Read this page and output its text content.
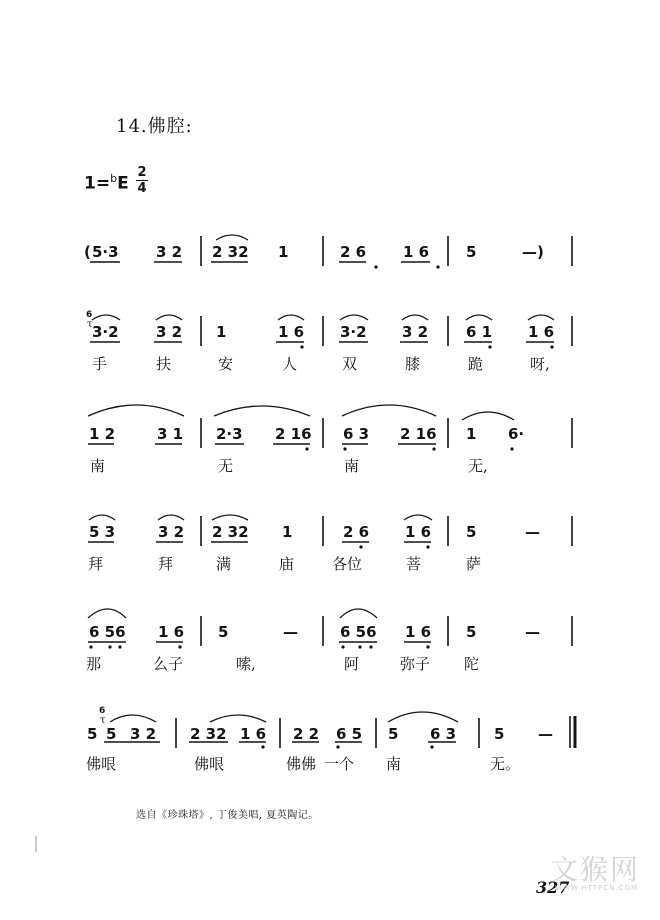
14.佛腔:
1=$^b$E
2
4
( 5·3 3 2 2 32 1	2 6 1 6 5	—)
3·2 3 2 1	1 6 3·2 3 2	6 1 1 6
手	扶	安	人	双	膝	跪	呀,
6
τ
1 2	3 1 2·3 2 16 6 3 2 16 1 6·
南	无	南	无,
5 3	3 2 2 32 1	2 6 1 6 5	—
拜	拜	满	庙	各位	菩	萨
6 56 1 6 5	—	6 56 1 6 5	—
那	么子	嗦,	阿	弥子 陀
5 5 3 2 2 32 1 6 2 2 6 5 5 6 3	5 —
佛哏	佛哏	佛佛 一个 南	无。
6
τ
选自《珍珠塔》, 丁俊美唱, 夏英陶记。
327
文猴网
WWW.HTTPCN.COM
